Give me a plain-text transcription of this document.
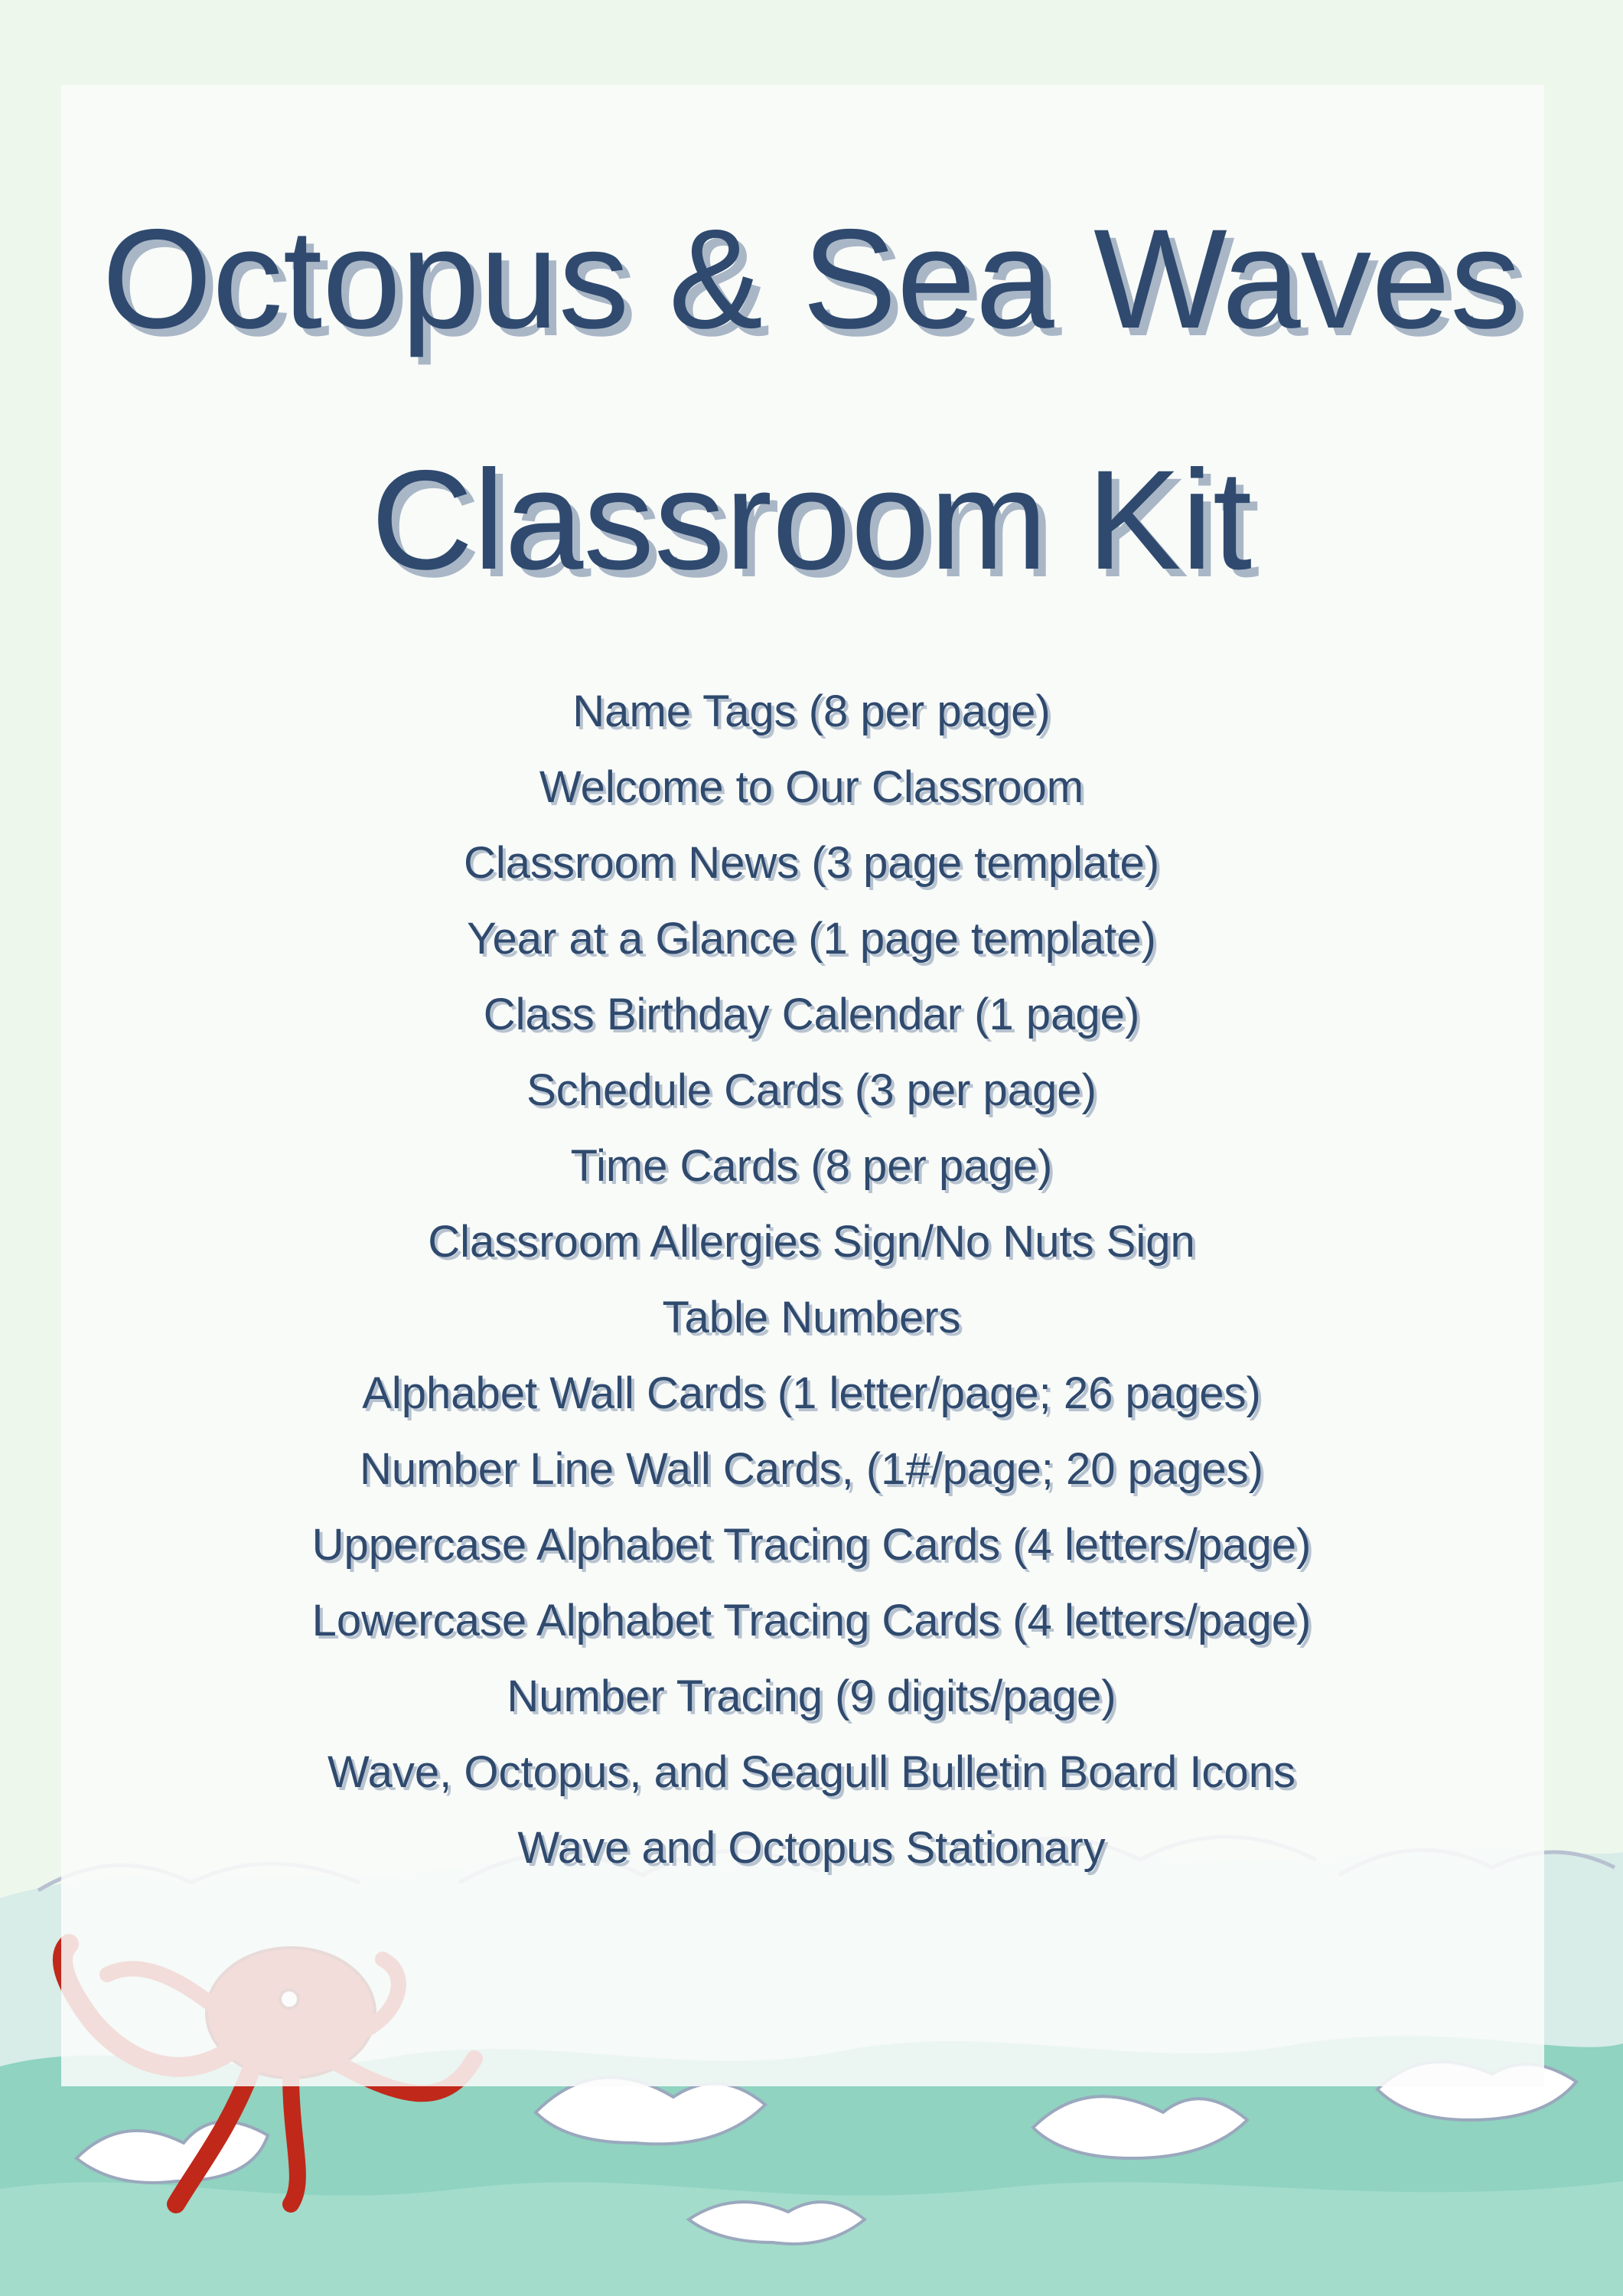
Octopus & Sea Waves
Classroom Kit
Name Tags (8 per page)
Welcome to Our Classroom
Classroom News (3 page template)
Year at a Glance (1 page template)
Class Birthday Calendar (1 page)
Schedule Cards (3 per page)
Time Cards (8 per page)
Classroom Allergies Sign/No Nuts Sign
Table Numbers
Alphabet Wall Cards (1 letter/page; 26 pages)
Number Line Wall Cards, (1#/page; 20 pages)
Uppercase Alphabet Tracing Cards (4 letters/page)
Lowercase Alphabet Tracing Cards (4 letters/page)
Number Tracing (9 digits/page)
Wave, Octopus, and Seagull Bulletin Board Icons
Wave and Octopus Stationary
